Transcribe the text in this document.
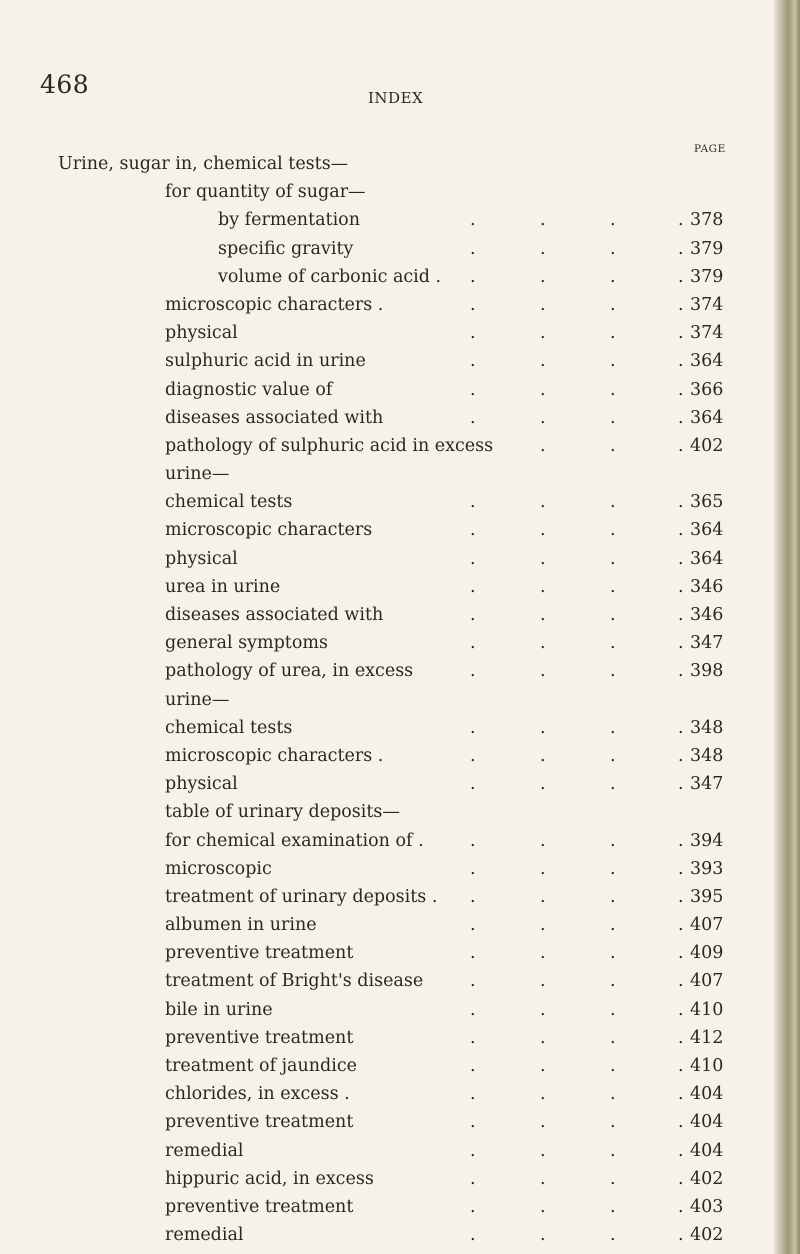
468	INDEX
PAGE
Urine, sugar in, chemical tests—
for quantity of sugar—
by fermentation	.	.	.	. 378
specific gravity	.	.	.	. 379
volume of carbonic acid . .	.	.	. 379
microscopic characters .	.	.	.	. 374
physical	.	.	.	. 374
sulphuric acid in urine	.	.	.	. 364
diagnostic value of	.	.	.	. 366
diseases associated with	.	.	.	. 364
pathology of sulphuric acid in excess	.	.	. 402
urine—
chemical tests	.	.	.	. 365
microscopic characters	.	.	.	. 364
physical	.	.	.	. 364
urea in urine	.	.	.	. 346
diseases associated with	.	.	.	. 346
general symptoms	.	.	.	. 347
pathology of urea, in excess	.	.	.	. 398
urine—
chemical tests	.	.	.	. 348
microscopic characters .	.	.	.	. 348
physical	.	.	.	. 347
table of urinary deposits—
for chemical examination of .	.	.	.	. 394
microscopic	.	.	.	. 393
treatment of urinary deposits . .	.	.	. 395
albumen in urine	.	.	.	. 407
preventive treatment	.	.	.	. 409
treatment of Bright's disease	.	.	.	. 407
bile in urine	.	.	.	. 410
preventive treatment	.	.	.	. 412
treatment of jaundice	.	.	.	. 410
chlorides, in excess .	.	.	.	. 404
preventive treatment	.	.	.	. 404
remedial	.	.	.	. 404
hippuric acid, in excess	.	.	.	. 402
preventive treatment	.	.	.	. 403
remedial	.	.	.	. 402
